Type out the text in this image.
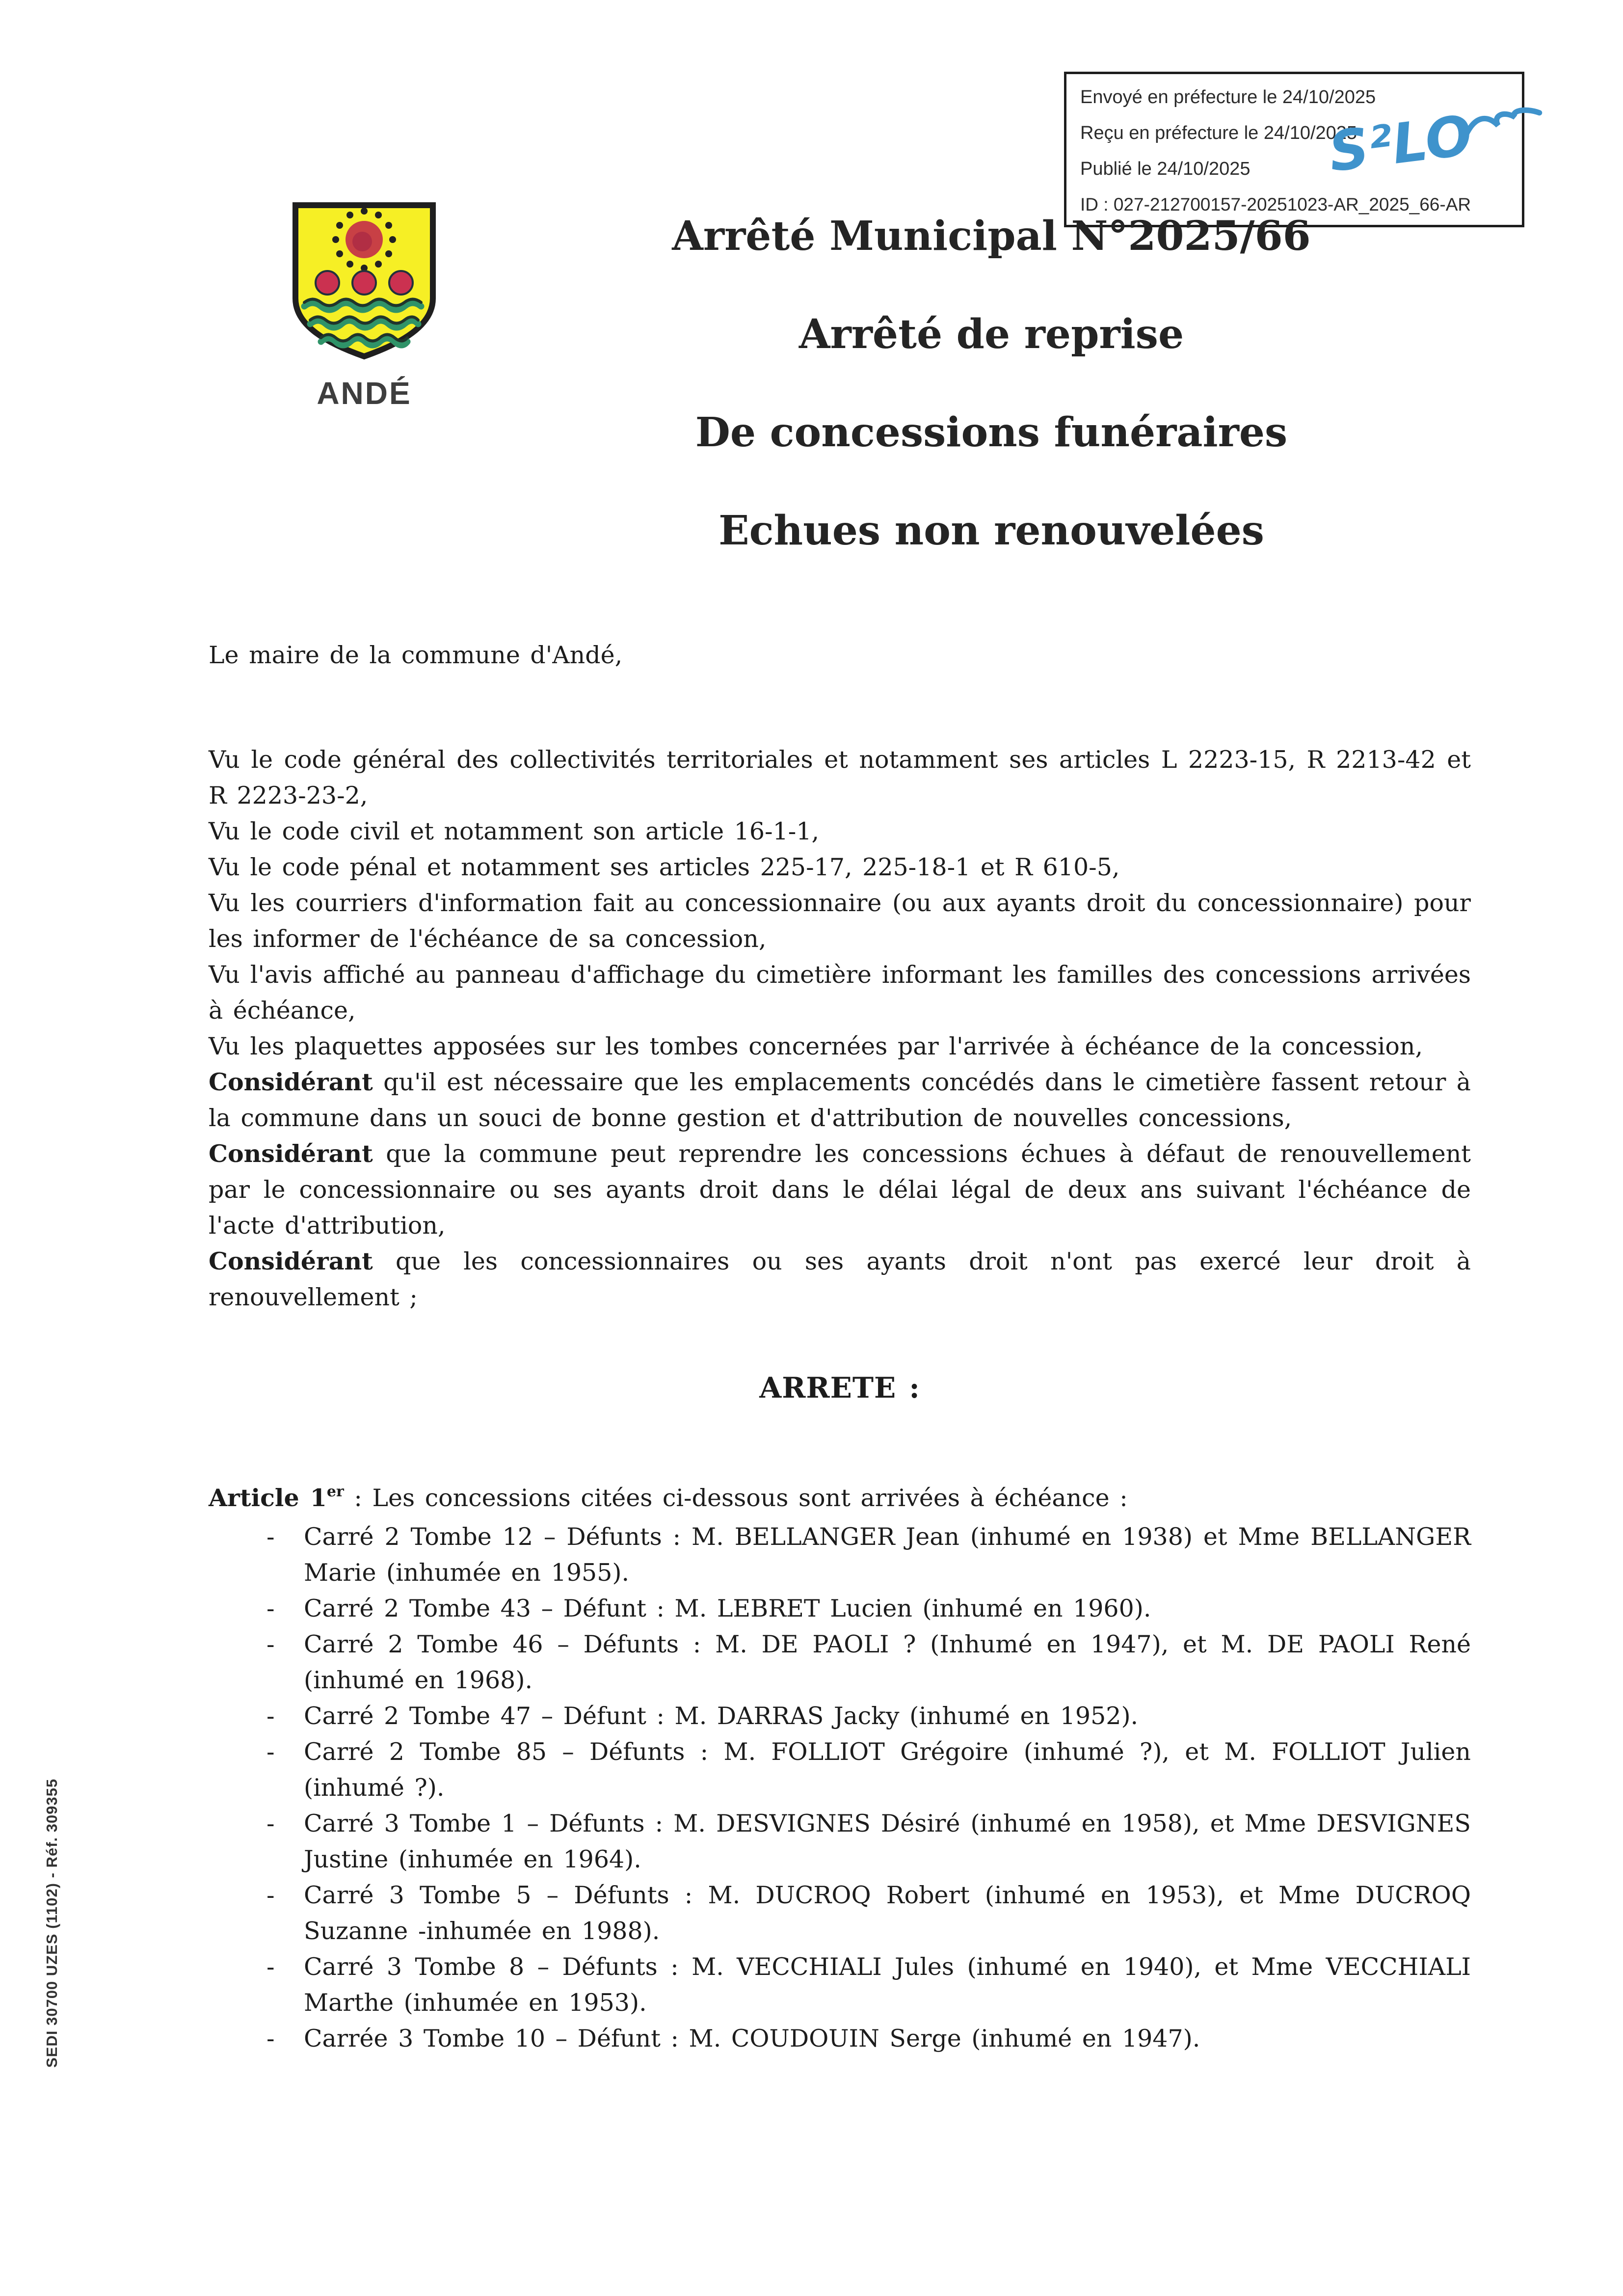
Envoyé en préfecture le 24/10/2025
Reçu en préfecture le 24/10/2025
Publié le 24/10/2025
ID : 027-212700157-20251023-AR_2025_66-AR
S²LO
ANDÉ
Arrêté Municipal N°2025/66
Arrêté de reprise
De concessions funéraires
Echues non renouvelées

Le maire de la commune d'Andé,

Vu le code général des collectivités territoriales et notamment ses articles L 2223-15, R 2213-42 et R 2223-23-2,

Vu le code civil et notamment son article 16-1-1,

Vu le code pénal et notamment ses articles 225-17, 225-18-1 et R 610-5,

Vu les courriers d'information fait au concessionnaire (ou aux ayants droit du concessionnaire) pour les informer de l'échéance de sa concession,

Vu l'avis affiché au panneau d'affichage du cimetière informant les familles des concessions arrivées à échéance,

Vu les plaquettes apposées sur les tombes concernées par l'arrivée à échéance de la concession,

Considérant qu'il est nécessaire que les emplacements concédés dans le cimetière fassent retour à la commune dans un souci de bonne gestion et d'attribution de nouvelles concessions,

Considérant que la commune peut reprendre les concessions échues à défaut de renouvellement par le concessionnaire ou ses ayants droit dans le délai légal de deux ans suivant l'échéance de l'acte d'attribution,

Considérant que les concessionnaires ou ses ayants droit n'ont pas exercé leur droit à renouvellement ;

ARRETE :

Article 1er : Les concessions citées ci-dessous sont arrivées à échéance :

-	Carré 2 Tombe 12 – Défunts : M. BELLANGER Jean (inhumé en 1938) et Mme BELLANGER Marie (inhumée en 1955).
-	Carré 2 Tombe 43 – Défunt : M. LEBRET Lucien (inhumé en 1960).
-	Carré 2 Tombe 46 – Défunts : M. DE PAOLI ? (Inhumé en 1947), et M. DE PAOLI René (inhumé en 1968).
-	Carré 2 Tombe 47 – Défunt : M. DARRAS Jacky (inhumé en 1952).
-	Carré 2 Tombe 85 – Défunts : M. FOLLIOT Grégoire (inhumé ?), et M. FOLLIOT Julien (inhumé ?).
-	Carré 3 Tombe 1 – Défunts : M. DESVIGNES Désiré (inhumé en 1958), et Mme DESVIGNES Justine (inhumée en 1964).
-	Carré 3 Tombe 5 – Défunts : M. DUCROQ Robert (inhumé en 1953), et Mme DUCROQ Suzanne -inhumée en 1988).
-	Carré 3 Tombe 8 – Défunts : M. VECCHIALI Jules (inhumé en 1940), et Mme VECCHIALI Marthe (inhumée en 1953).
-	Carrée 3 Tombe 10 – Défunt : M. COUDOUIN Serge (inhumé en 1947).
SEDI 30700 UZES (1102) - Réf. 309355
